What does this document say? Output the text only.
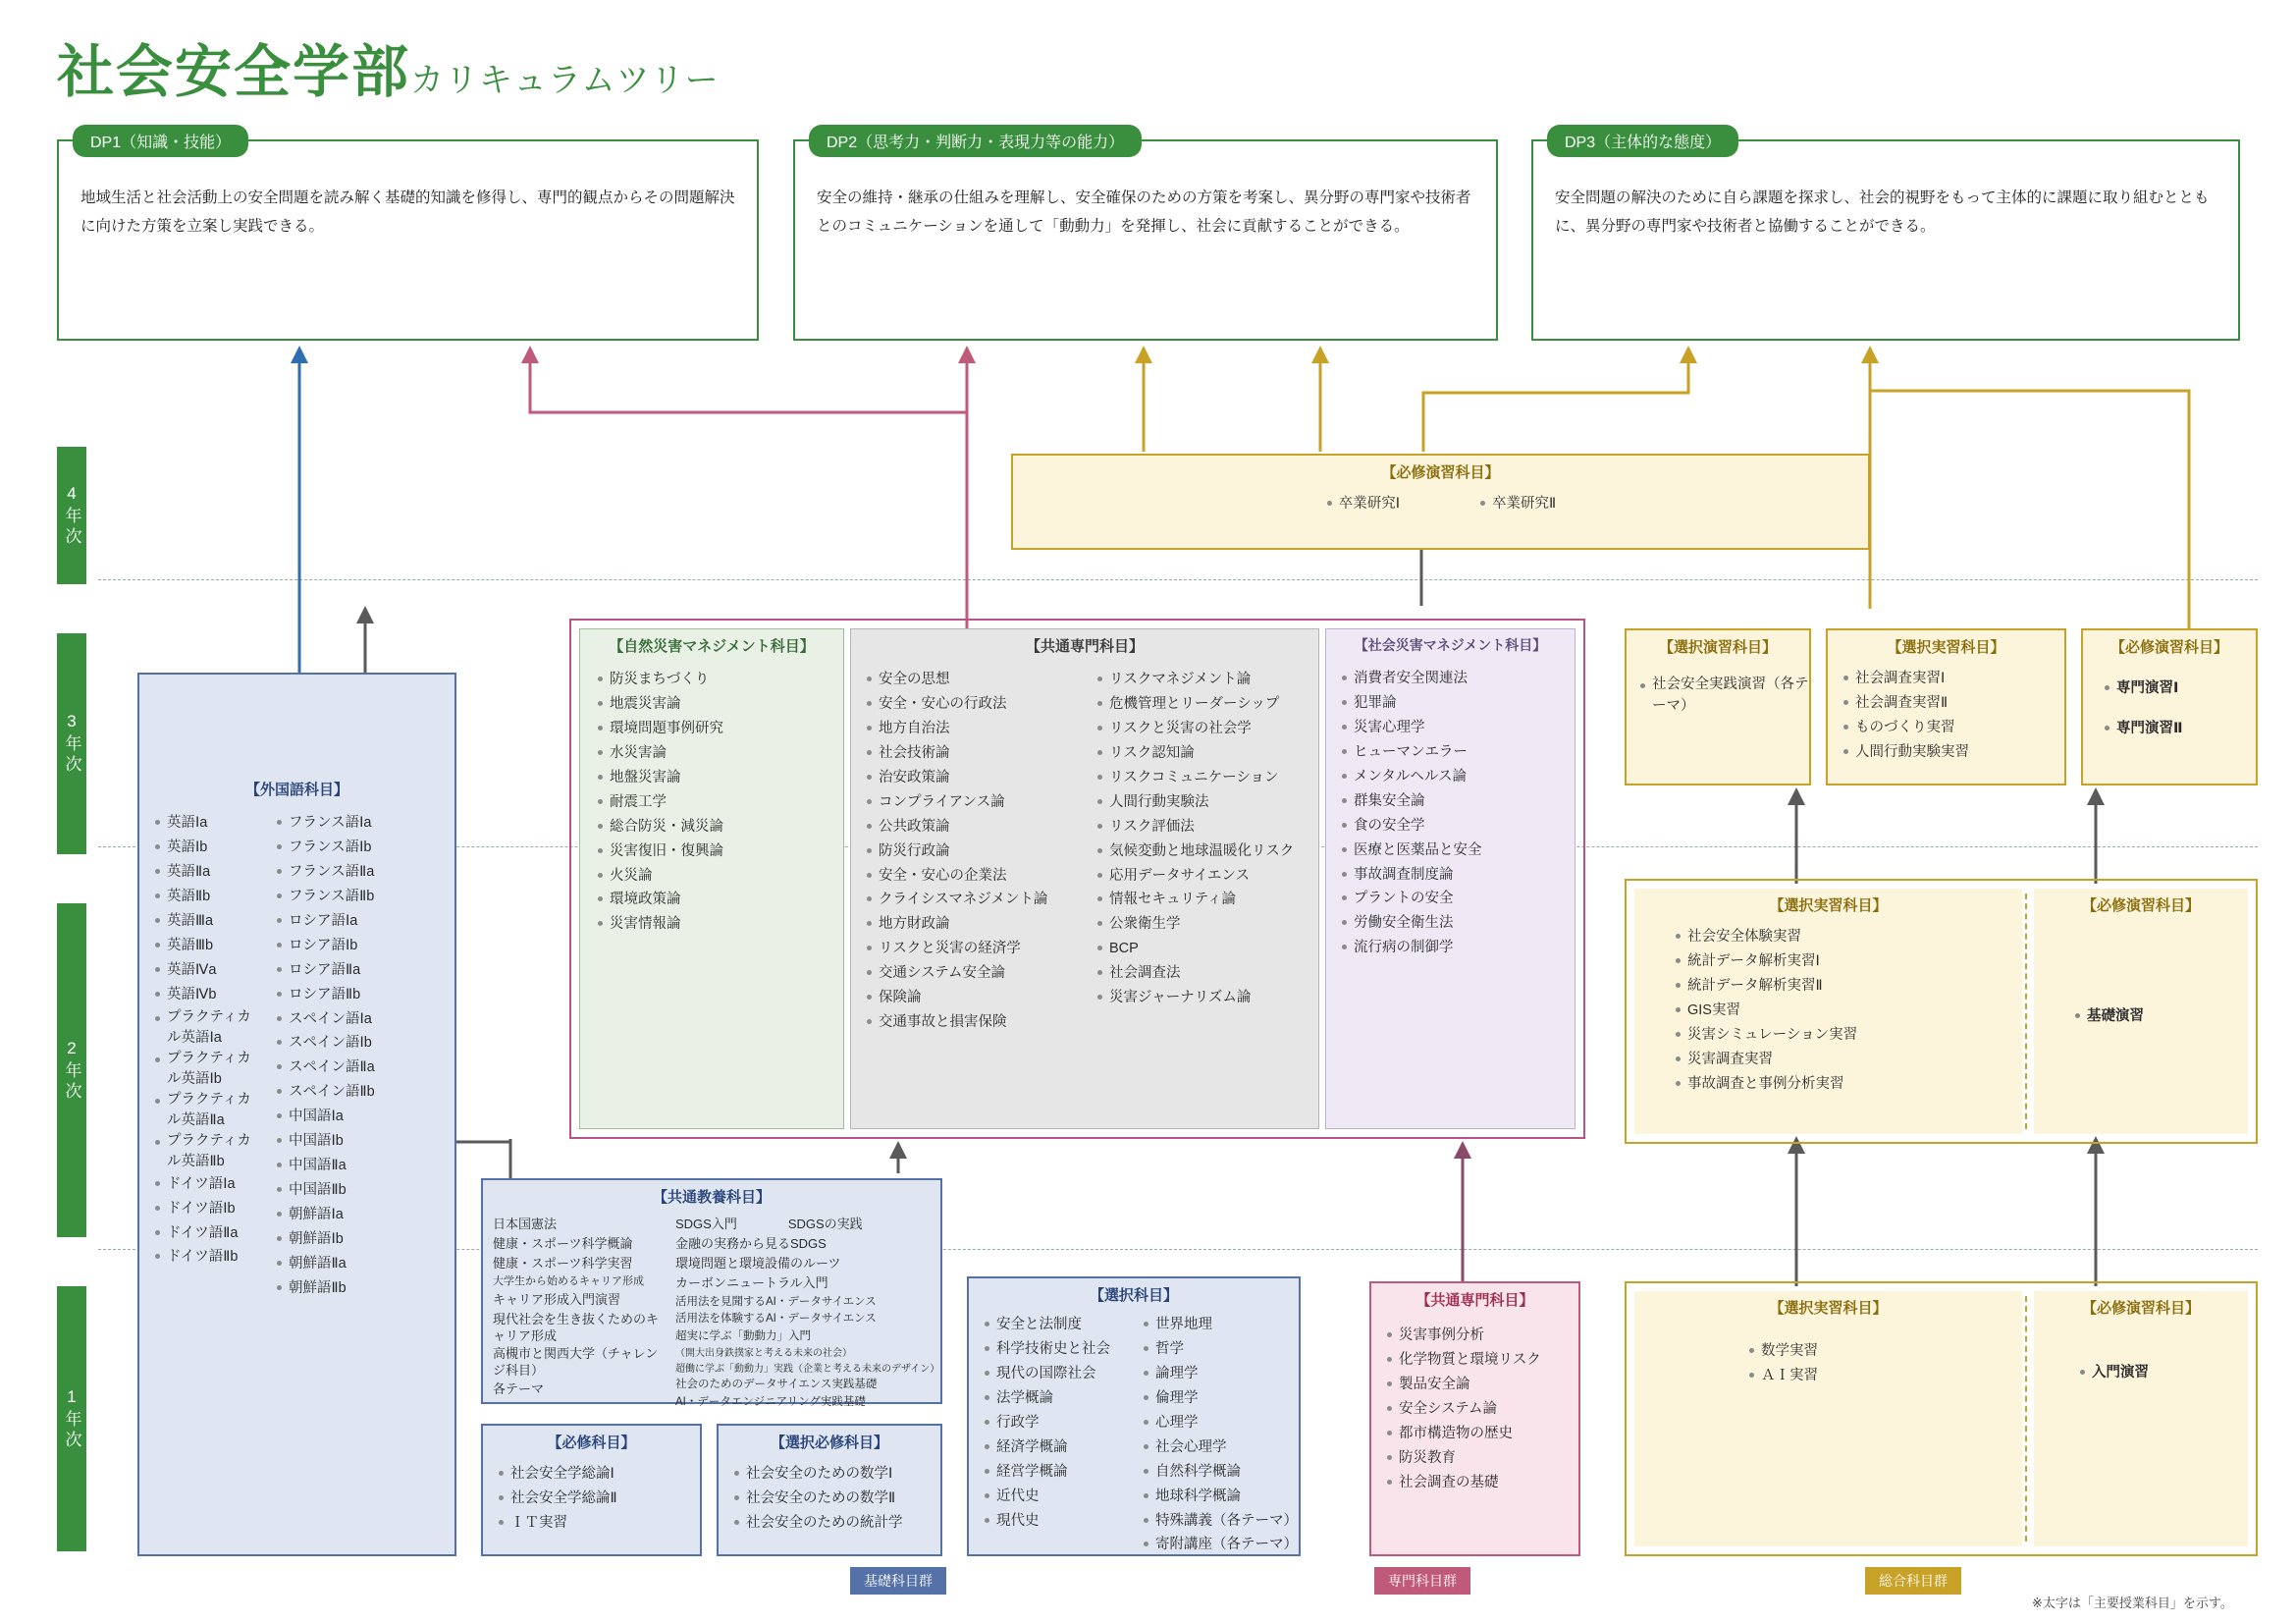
社会安全学部カリキュラムツリー
DP1（知識・技能）
地域生活と社会活動上の安全問題を読み解く基礎的知識を修得し、専門的観点からその問題解決に向けた方策を立案し実践できる。
DP2（思考力・判断力・表現力等の能力）
安全の維持・継承の仕組みを理解し、安全確保のための方策を考案し、異分野の専門家や技術者とのコミュニケーションを通して「動動力」を発揮し、社会に貢献することができる。
DP3（主体的な態度）
安全問題の解決のために自ら課題を探求し、社会的視野をもって主体的に課題に取り組むとともに、異分野の専門家や技術者と協働することができる。
4年次
3年次
2年次
1年次
【必修演習科目】
卒業研究Ⅰ	卒業研究Ⅱ
【外国語科目】
英語Ⅰa
英語Ⅰb
英語Ⅱa
英語Ⅱb
英語Ⅲa
英語Ⅲb
英語Ⅳa
英語Ⅳb
プラクティカル英語Ⅰa
プラクティカル英語Ⅰb
プラクティカル英語Ⅱa
プラクティカル英語Ⅱb
ドイツ語Ⅰa
ドイツ語Ⅰb
ドイツ語Ⅱa
ドイツ語Ⅱb
フランス語Ⅰa
フランス語Ⅰb
フランス語Ⅱa
フランス語Ⅱb
ロシア語Ⅰa
ロシア語Ⅰb
ロシア語Ⅱa
ロシア語Ⅱb
スペイン語Ⅰa
スペイン語Ⅰb
スペイン語Ⅱa
スペイン語Ⅱb
中国語Ⅰa
中国語Ⅰb
中国語Ⅱa
中国語Ⅱb
朝鮮語Ⅰa
朝鮮語Ⅰb
朝鮮語Ⅱa
朝鮮語Ⅱb
【自然災害マネジメント科目】
防災まちづくり
地震災害論
環境問題事例研究
水災害論
地盤災害論
耐震工学
総合防災・減災論
災害復旧・復興論
火災論
環境政策論
災害情報論
【共通専門科目】
安全の思想
安全・安心の行政法
地方自治法
社会技術論
治安政策論
コンプライアンス論
公共政策論
防災行政論
安全・安心の企業法
クライシスマネジメント論
地方財政論
リスクと災害の経済学
交通システム安全論
保険論
交通事故と損害保険
リスクマネジメント論
危機管理とリーダーシップ
リスクと災害の社会学
リスク認知論
リスクコミュニケーション
人間行動実験法
リスク評価法
気候変動と地球温暖化リスク
応用データサイエンス
情報セキュリティ論
公衆衛生学
BCP
社会調査法
災害ジャーナリズム論
【社会災害マネジメント科目】
消費者安全関連法
犯罪論
災害心理学
ヒューマンエラー
メンタルヘルス論
群集安全論
食の安全学
医療と医薬品と安全
事故調査制度論
プラントの安全
労働安全衛生法
流行病の制御学
【選択演習科目】
社会安全実践演習（各テーマ）
【選択実習科目】
社会調査実習Ⅰ
社会調査実習Ⅱ
ものづくり実習
人間行動実験実習
【必修演習科目】
専門演習Ⅰ
専門演習Ⅱ
【選択実習科目】
社会安全体験実習
統計データ解析実習Ⅰ
統計データ解析実習Ⅱ
GIS実習
災害シミュレーション実習
災害調査実習
事故調査と事例分析実習
【必修演習科目】
基礎演習
【共通教養科目】
日本国憲法
健康・スポーツ科学概論
健康・スポーツ科学実習
大学生から始めるキャリア形成
キャリア形成入門演習
現代社会を生き抜くためのキャリア形成
高槻市と関西大学（チャレンジ科目）
各テーマ
SDGS入門　　　　SDGSの実践
金融の実務から見るSDGS
環境問題と環境設備のルーツ
カーボンニュートラル入門
活用法を見聞するAI・データサイエンス
活用法を体験するAI・データサイエンス
超実に学ぶ「動動力」入門
（開大出身鉄撲家と考える未来の社会）
超働に学ぶ「動動力」実践（企業と考える未来のデザイン）
社会のためのデータサイエンス実践基礎
AI・データエンジニアリング実践基礎
【必修科目】
社会安全学総論Ⅰ
社会安全学総論Ⅱ
ＩＴ実習
【選択必修科目】
社会安全のための数学Ⅰ
社会安全のための数学Ⅱ
社会安全のための統計学
【選択科目】
安全と法制度
科学技術史と社会
現代の国際社会
法学概論
行政学
経済学概論
経営学概論
近代史
現代史
世界地理
哲学
論理学
倫理学
心理学
社会心理学
自然科学概論
地球科学概論
特殊講義（各テーマ）
寄附講座（各テーマ）
【共通専門科目】
災害事例分析
化学物質と環境リスク
製品安全論
安全システム論
都市構造物の歴史
防災教育
社会調査の基礎
【選択実習科目】
数学実習
ＡＩ実習
【必修演習科目】
入門演習
基礎科目群	専門科目群	総合科目群
※太字は「主要授業科目」を示す。
